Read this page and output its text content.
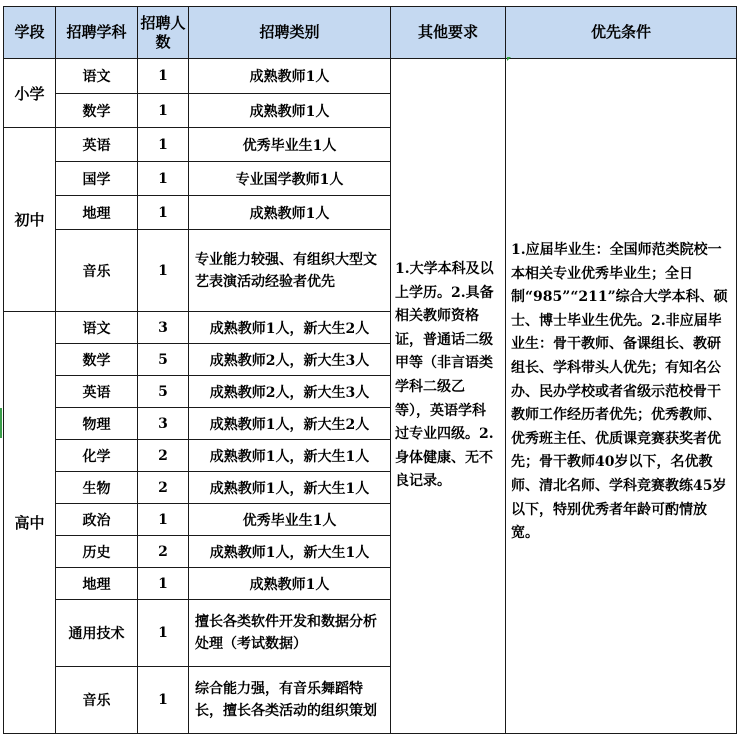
学段	招聘学科	招聘人数	招聘类别	其他要求	优先条件
小学	语文	1	成熟教师1人	1.大学本科及以上学历。2.具备相关教师资格证，普通话二级甲等（非言语类学科二级乙等），英语学科过专业四级。2.身体健康、无不良记录。	1.应届毕业生：全国师范类院校一本相关专业优秀毕业生；全日制“985”“211”综合大学本科、硕士、博士毕业生优先。2.非应届毕业生：骨干教师、备课组长、教研组长、学科带头人优先；有知名公办、民办学校或者省级示范校骨干教师工作经历者优先；优秀教师、优秀班主任、优质课竞赛获奖者优先；骨干教师40岁以下，名优教师、清北名师、学科竞赛教练45岁以下，特别优秀者年龄可酌情放宽。
	数学	1	成熟教师1人		
初中	英语	1	优秀毕业生1人		
	国学	1	专业国学教师1人		
	地理	1	成熟教师1人		
	音乐	1	专业能力较强、有组织大型文艺表演活动经验者优先		
高中	语文	3	成熟教师1人，新大生2人		
	数学	5	成熟教师2人，新大生3人		
	英语	5	成熟教师2人，新大生3人		
	物理	3	成熟教师1人，新大生2人		
	化学	2	成熟教师1人，新大生1人		
	生物	2	成熟教师1人，新大生1人		
	政治	1	优秀毕业生1人		
	历史	2	成熟教师1人，新大生1人		
	地理	1	成熟教师1人		
	通用技术	1	擅长各类软件开发和数据分析处理（考试数据）		
	音乐	1	综合能力强，有音乐舞蹈特长，擅长各类活动的组织策划		
